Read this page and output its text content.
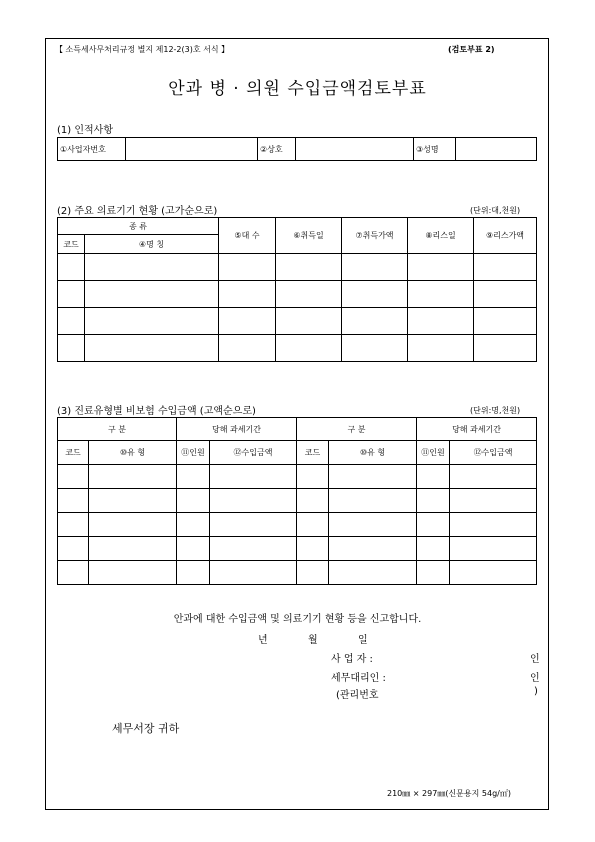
【 소득세사무처리규정 별지 제12-2(3)호 서식 】	(검토부표 2)
안과 병 · 의원 수입금액검토부표
(1) 인적사항
①사업자번호		②상호		③성명	
(2) 주요 의료기기 현황 (고가순으로)	(단위:대,천원)
종 류		⑤대 수	⑥취득일	⑦취득가액	⑧리스일	⑨리스가액
코드	④명 칭					

(3) 진료유형별 비보험 수입금액 (고액순으로)	(단위:명,천원)
구 분		당해 과세기간		구 분		당해 과세기간	
코드	⑩유 형	⑪인원	⑫수입금액	코드	⑩유 형	⑪인원	⑫수입금액

안과에 대한 수입금액 및 의료기기 현황 등을 신고합니다.
년	월	일
사 업 자 :	인
세무대리인 :	인
(관리번호	)
세무서장 귀하
210㎜ × 297㎜(신문용지 54g/㎡)
